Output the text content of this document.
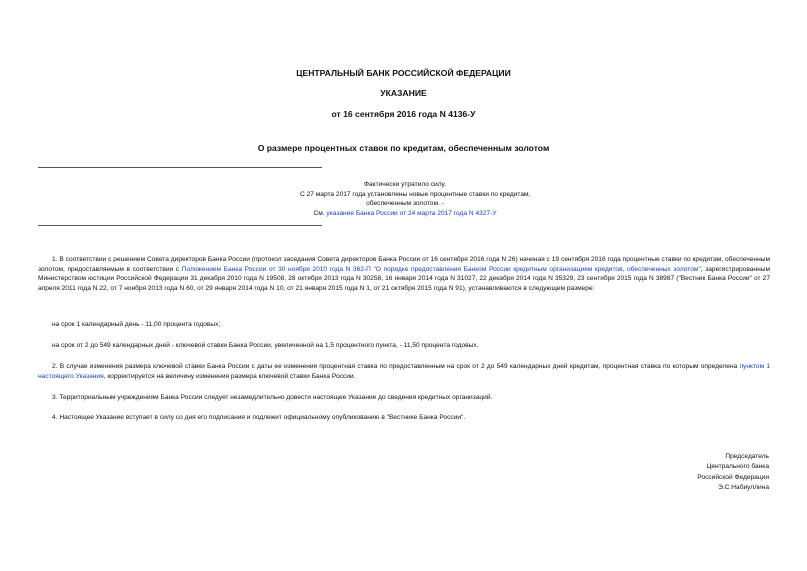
ЦЕНТРАЛЬНЫЙ БАНК РОССИЙСКОЙ ФЕДЕРАЦИИ
УКАЗАНИЕ
от 16 сентября 2016 года N 4136-У
О размере процентных ставок по кредитам, обеспеченным золотом
Фактически утратило силу.
С 27 марта 2017 года установлены новые процентные ставки по кредитам,
обеспеченным золотом. -
См. указание Банка России от 24 марта 2017 года N 4327-У
1. В соответствии с решением Совета директоров Банка России (протокол заседания Совета директоров Банка России от 16 сентября 2016 года N 26) начиная с 19 сентября 2016 года процентные ставки по кредитам, обеспеченным золотом, предоставляемым в соответствии с Положением Банка России от 30 ноября 2010 года N 362-П "О порядке предоставления Банком России кредитным организациям кредитов, обеспеченных золотом", зарегистрированным Министерством юстиции Российской Федерации 31 декабря 2010 года N 19508, 28 октября 2013 года N 30258, 16 января 2014 года N 31027, 22 декабря 2014 года N 35329, 23 сентября 2015 года N 38987 ("Вестник Банка России" от 27 апреля 2011 года N 22, от 7 ноября 2013 года N 60, от 29 января 2014 года N 10, от 21 января 2015 года N 1, от 21 октября 2015 года N 91), устанавливаются в следующем размере:
на срок 1 календарный день - 11,00 процента годовых;
на срок от 2 до 549 календарных дней - ключевой ставки Банка России, увеличенной на 1,5 процентного пункта, - 11,50 процента годовых.
2. В случае изменения размера ключевой ставки Банка России с даты ее изменения процентная ставка по предоставленным на срок от 2 до 549 календарных дней кредитам, процентная ставка по которым определена пунктом 1 настоящего Указания, корректируется на величину изменения размера ключевой ставки Банка России.
3. Территориальным учреждениям Банка России следует незамедлительно довести настоящее Указание до сведения кредитных организаций.
4. Настоящее Указание вступает в силу со дня его подписания и подлежит официальному опубликованию в "Вестнике Банка России".
Председатель
Центрального банка
Российской Федерации
Э.С.Набиуллина
